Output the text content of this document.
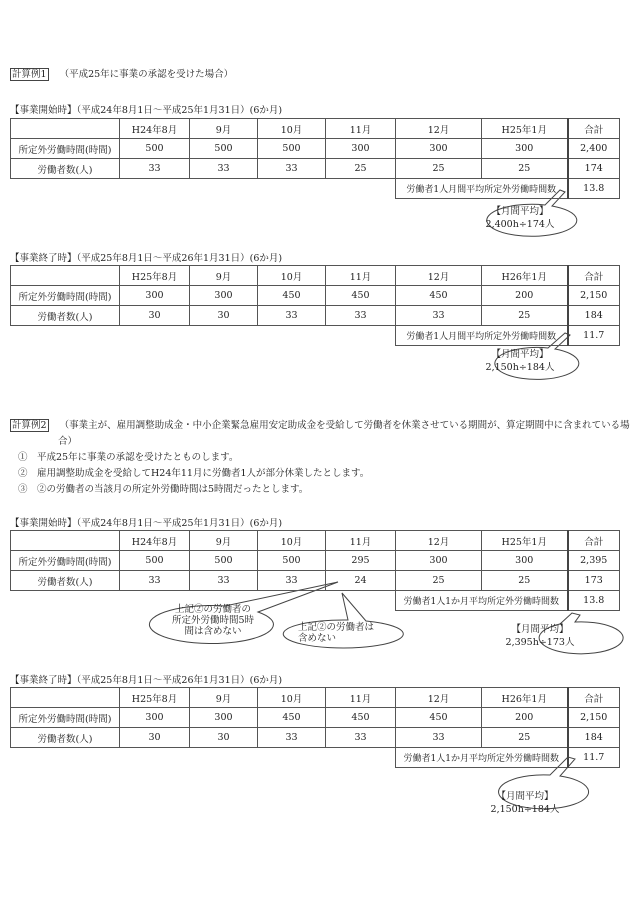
計算例1 （平成25年に事業の承認を受けた場合）
【事業開始時】（平成24年8月1日～平成25年1月31日）(6か月)
	H24年8月	9月	10月	11月	12月	H25年1月	合計
所定外労働時間(時間)	500	500	500	300	300	300	2,400
労働者数(人)	33	33	33	25	25	25	174
					労働者1人月間平均所定外労働時間数		13.8
【月間平均】
2,400h÷174人
【事業終了時】（平成25年8月1日～平成26年1月31日）(6か月)
	H25年8月	9月	10月	11月	12月	H26年1月	合計
所定外労働時間(時間)	300	300	450	450	450	200	2,150
労働者数(人)	30	30	33	33	33	25	184
					労働者1人月間平均所定外労働時間数		11.7
【月間平均】
2,150h÷184人
計算例2 （事業主が、雇用調整助成金・中小企業緊急雇用安定助成金を受給して労働者を休業させている期間が、算定期間中に含まれている場
合）
①　平成25年に事業の承認を受けたとものします。
②　雇用調整助成金を受給してH24年11月に労働者1人が部分休業したとします。
③　②の労働者の当該月の所定外労働時間は5時間だったとします。
【事業開始時】（平成24年8月1日～平成25年1月31日）(6か月)
	H24年8月	9月	10月	11月	12月	H25年1月	合計
所定外労働時間(時間)	500	500	500	295	300	300	2,395
労働者数(人)	33	33	33	24	25	25	173
					労働者1人1か月平均所定外労働時間数		13.8
上記②の労働者の
所定外労働時間5時
間は含めない	上記②の労働者は
含めない
【月間平均】
2,395h÷173人
【事業終了時】（平成25年8月1日～平成26年1月31日）(6か月)
	H25年8月	9月	10月	11月	12月	H26年1月	合計
所定外労働時間(時間)	300	300	450	450	450	200	2,150
労働者数(人)	30	30	33	33	33	25	184
					労働者1人1か月平均所定外労働時間数		11.7
【月間平均】
2,150h÷184人
